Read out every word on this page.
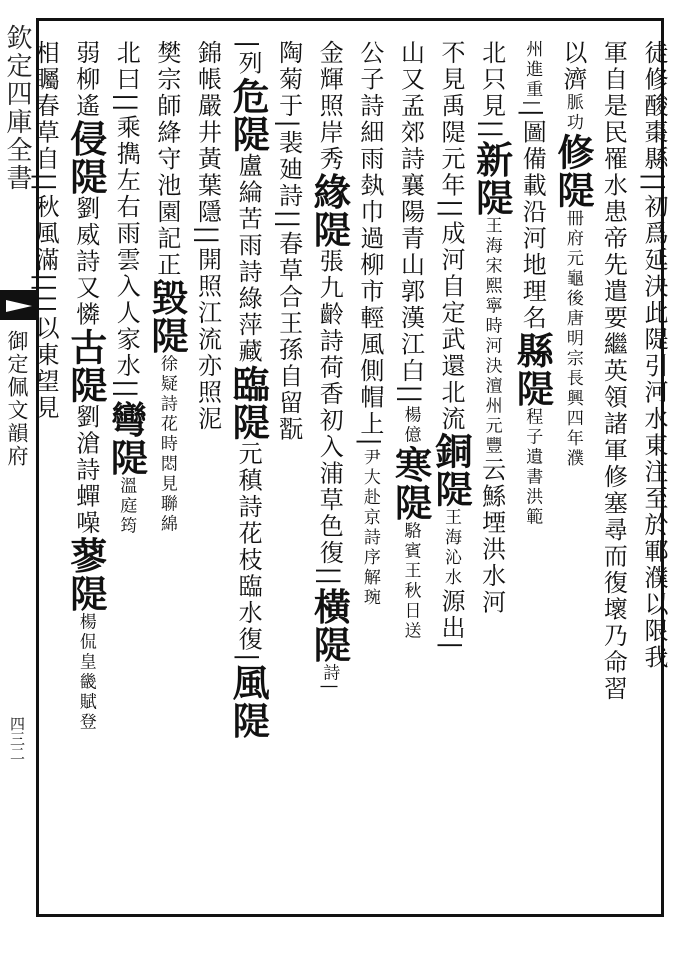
欽定四庫全書
御定佩文韻府
四三二

徒修酸棗縣||初爲延決此隄引河水東注至於鄆濮以限我

軍自是民罹水患帝先遣要繼英領諸軍修塞尋而復壞乃命習

以濟脈功修隄冊府元龜後唐明宗長興四年濮

州進重||圖備載沿河地理名縣隄程子遺書洪範

北只見||新隄王海宋熙寧時河決澶州元豐云鯀堙洪水河

不見禹隄元年||成河自定武還北流銅隄王海沁水源出|

山又孟郊詩襄陽青山郭漢江白||楊億寒隄駱賓王秋日送

公子詩細雨埶巾過柳市輕風側帽上|尹大赴京詩序解琬

金輝照岸秀緣隄張九齡詩荷香初入浦草色復||橫隄詩|

陶菊于|裴廸詩||春草合王孫自留翫

|列危隄盧綸苦雨詩綠萍藏臨隄元稹詩花枝臨水復|風隄

錦帳嚴井黃葉隱||開照江流亦照泥

樊宗師絳守池園記正毀隄徐疑詩花時悶見聯綿

北曰||乘擕左右雨雲入人家水||彎隄溫庭筠

弱柳遙侵隄劉威詩又憐古隄劉滄詩蟬噪蓼隄楊侃皇畿賦登

相矚春草自||秋風滿||||以東望見
